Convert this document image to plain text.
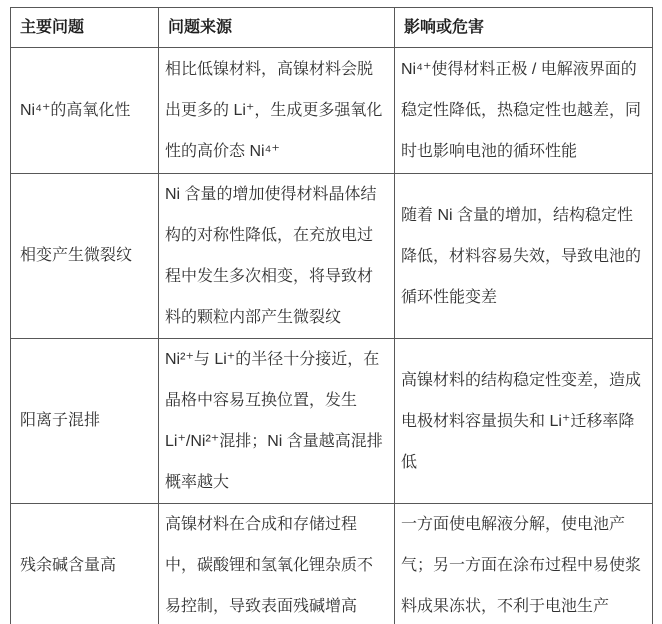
主要问题	问题来源	影响或危害
Ni⁴⁺的高氧化性	相比低镍材料，高镍材料会脱出更多的 Li⁺，生成更多强氧化性的高价态 Ni⁴⁺	Ni⁴⁺使得材料正极 / 电解液界面的稳定性降低，热稳定性也越差，同时也影响电池的循环性能
相变产生微裂纹	Ni 含量的增加使得材料晶体结构的对称性降低，在充放电过程中发生多次相变，将导致材料的颗粒内部产生微裂纹	随着 Ni 含量的增加，结构稳定性降低，材料容易失效，导致电池的循环性能变差
阳离子混排	Ni²⁺与 Li⁺的半径十分接近，在晶格中容易互换位置，发生 Li⁺/Ni²⁺混排；Ni 含量越高混排概率越大	高镍材料的结构稳定性变差，造成电极材料容量损失和 Li⁺迁移率降低
残余碱含量高	高镍材料在合成和存储过程中，碳酸锂和氢氧化锂杂质不易控制，导致表面残碱增高	一方面使电解液分解，使电池产气；另一方面在涂布过程中易使浆料成果冻状，不利于电池生产
